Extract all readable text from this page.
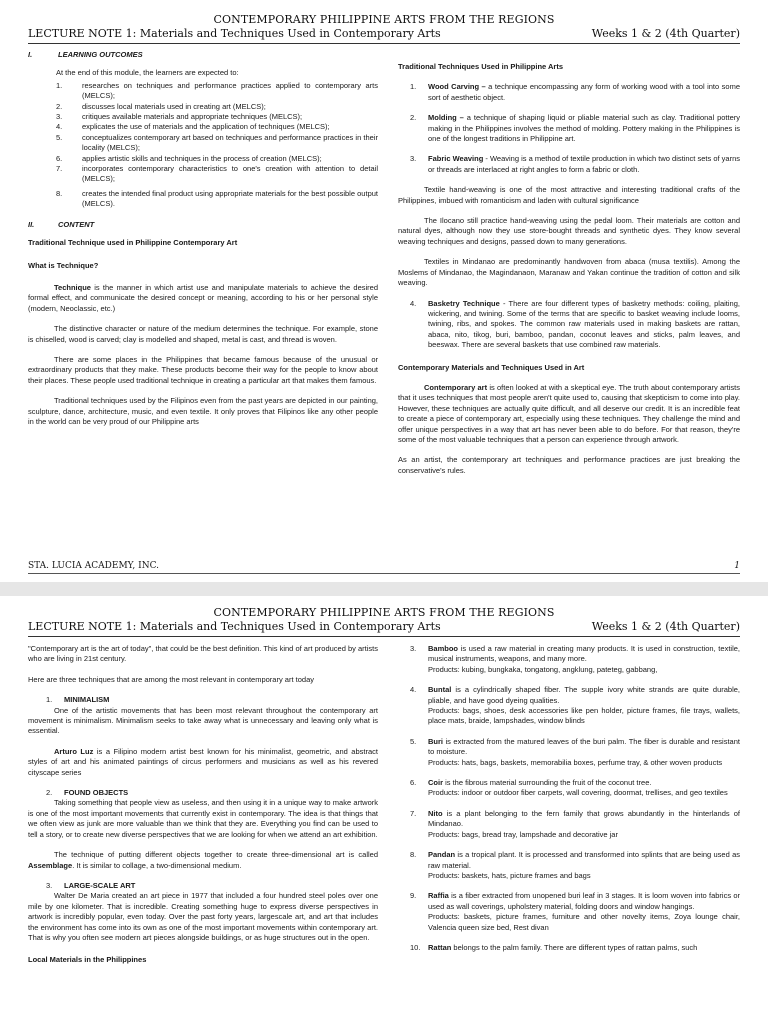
CONTEMPORARY PHILIPPINE ARTS FROM THE REGIONS
LECTURE NOTE 1: Materials and Techniques Used in Contemporary Arts	Weeks 1 & 2 (4th Quarter)
I.	LEARNING OUTCOMES

At the end of this module, the learners are expected to:

1.	researches on techniques and performance practices applied to contemporary arts (MELCS);
2.	discusses local materials used in creating art (MELCS);
3.	critiques available materials and appropriate techniques (MELCS);
4.	explicates the use of materials and the application of techniques (MELCS);
5.	conceptualizes contemporary art based on techniques and performance practices in their locality (MELCS);
6.	applies artistic skills and techniques in the process of creation (MELCS);
7.	incorporates contemporary characteristics to one's creation with attention to detail (MELCS);
8.	creates the intended final product using appropriate materials for the best possible output (MELCS).
II.	CONTENT

Traditional Technique used in Philippine Contemporary Art

What is Technique?

Technique is the manner in which artist use and manipulate materials to achieve the desired formal effect, and communicate the desired concept or meaning, according to his or her personal style (modern, Neoclassic, etc.)

The distinctive character or nature of the medium determines the technique. For example, stone is chiselled, wood is carved; clay is modelled and shaped, metal is cast, and thread is woven.

There are some places in the Philippines that became famous because of the unusual or extraordinary products that they make. These products become their way for the people to know about their places. These people used traditional technique in creating a particular art that makes them famous.

Traditional techniques used by the Filipinos even from the past years are depicted in our painting, sculpture, dance, architecture, music, and even textile. It only proves that Filipinos like any other people in the world can be very proud of our Philippine arts

Traditional Techniques Used in Philippine Arts

1.	Wood Carving – a technique encompassing any form of working wood with a tool into some sort of aesthetic object.
2.	Molding – a technique of shaping liquid or pliable material such as clay. Traditional pottery making in the Philippines involves the method of molding. Pottery making in the Philippines is one of the longest traditions in Philippine art.
3.	Fabric Weaving - Weaving is a method of textile production in which two distinct sets of yarns or threads are interlaced at right angles to form a fabric or cloth.

Textile hand-weaving is one of the most attractive and interesting traditional crafts of the Philippines, imbued with romanticism and laden with cultural significance

The Ilocano still practice hand-weaving using the pedal loom. Their materials are cotton and natural dyes, although now they use store-bought threads and synthetic dyes. They know several weaving techniques and designs, passed down to many generations.

Textiles in Mindanao are predominantly handwoven from abaca (musa textilis). Among the Moslems of Mindanao, the Magindanaon, Maranaw and Yakan continue the tradition of cotton and silk weaving.

4.	Basketry Technique - There are four different types of basketry methods: coiling, plaiting, wickering, and twining. Some of the terms that are specific to basket weaving include looms, twining, ribs, and spokes. The common raw materials used in making baskets are rattan, abaca, nito, tikog, buri, bamboo, pandan, coconut leaves and sticks, palm leaves, and beeswax. There are several baskets that use combined raw materials.

Contemporary Materials and Techniques Used in Art

Contemporary art is often looked at with a skeptical eye. The truth about contemporary artists that it uses techniques that most people aren't quite used to, causing that skepticism to come into play. However, these techniques are actually quite difficult, and all deserve our credit. It is an incredible feat to create a piece of contemporary art, especially using these techniques. They challenge the mind and offer unique perspectives in a way that art has never been able to do before. For that reason, they're some of the most valuable techniques that a person can experience through artwork.

As an artist, the contemporary art techniques and performance practices are just breaking the conservative's rules.

STA. LUCIA ACADEMY, INC.	1
CONTEMPORARY PHILIPPINE ARTS FROM THE REGIONS
LECTURE NOTE 1: Materials and Techniques Used in Contemporary Arts	Weeks 1 & 2 (4th Quarter)

"Contemporary art is the art of today", that could be the best definition. This kind of art produced by artists who are living in 21st century.

Here are three techniques that are among the most relevant in contemporary art today

1.	MINIMALISM

One of the artistic movements that has been most relevant throughout the contemporary art movement is minimalism. Minimalism seeks to take away what is unnecessary and leaving only what is essential.

Arturo Luz is a Filipino modern artist best known for his minimalist, geometric, and abstract styles of art and his animated paintings of circus performers and musicians as well as his revered cityscape series

2.	FOUND OBJECTS

Taking something that people view as useless, and then using it in a unique way to make artwork is one of the most important movements that currently exist in contemporary. The idea is that things that we often view as junk are more valuable than we think that they are. Everything you find can be used to tell a story, or to create new diverse perspectives that we are looking for when we attend an art exhibition.

The technique of putting different objects together to create three-dimensional art is called Assemblage. It is similar to collage, a two-dimensional medium.

3.	LARGE-SCALE ART

Walter De Maria created an art piece in 1977 that included a four hundred steel poles over one mile by one kilometer. That is incredible. Creating something huge to express diverse perspectives in artwork is incredibly popular, even today. Over the past forty years, largescale art, and art that includes the environment has come into its own as one of the most important movements within contemporary art. That is why you often see modern art pieces alongside buildings, or as huge structures out in the open.

Local Materials in the Philippines

3.	Bamboo is used a raw material in creating many products. It is used in construction, textile, musical instruments, weapons, and many more.
Products: kubing, bungkaka, tongatong, angklung, pateteg, gabbang,
4.	Buntal is a cylindrically shaped fiber. The supple ivory white strands are quite durable, pliable, and have good dyeing qualities.
Products: bags, shoes, desk accessories like pen holder, picture frames, file trays, wallets, place mats, braide, lampshades, window blinds
5.	Buri is extracted from the matured leaves of the buri palm. The fiber is durable and resistant to moisture.
Products: hats, bags, baskets, memorabilia boxes, perfume tray, & other woven products
6.	Coir is the fibrous material surrounding the fruit of the coconut tree.
Products: indoor or outdoor fiber carpets, wall covering, doormat, trellises, and geo textiles
7.	Nito is a plant belonging to the fern family that grows abundantly in the hinterlands of Mindanao.
Products: bags, bread tray, lampshade and decorative jar
8.	Pandan is a tropical plant. It is processed and transformed into splints that are being used as raw material.
Products: baskets, hats, picture frames and bags
9.	Raffia is a fiber extracted from unopened buri leaf in 3 stages. It is loom woven into fabrics or used as wall coverings, upholstery material, folding doors and window hangings.
Products: baskets, picture frames, furniture and other novelty items, Zoya lounge chair, Valencia queen size bed, Rest divan
10.	Rattan belongs to the palm family. There are different types of rattan palms, such
